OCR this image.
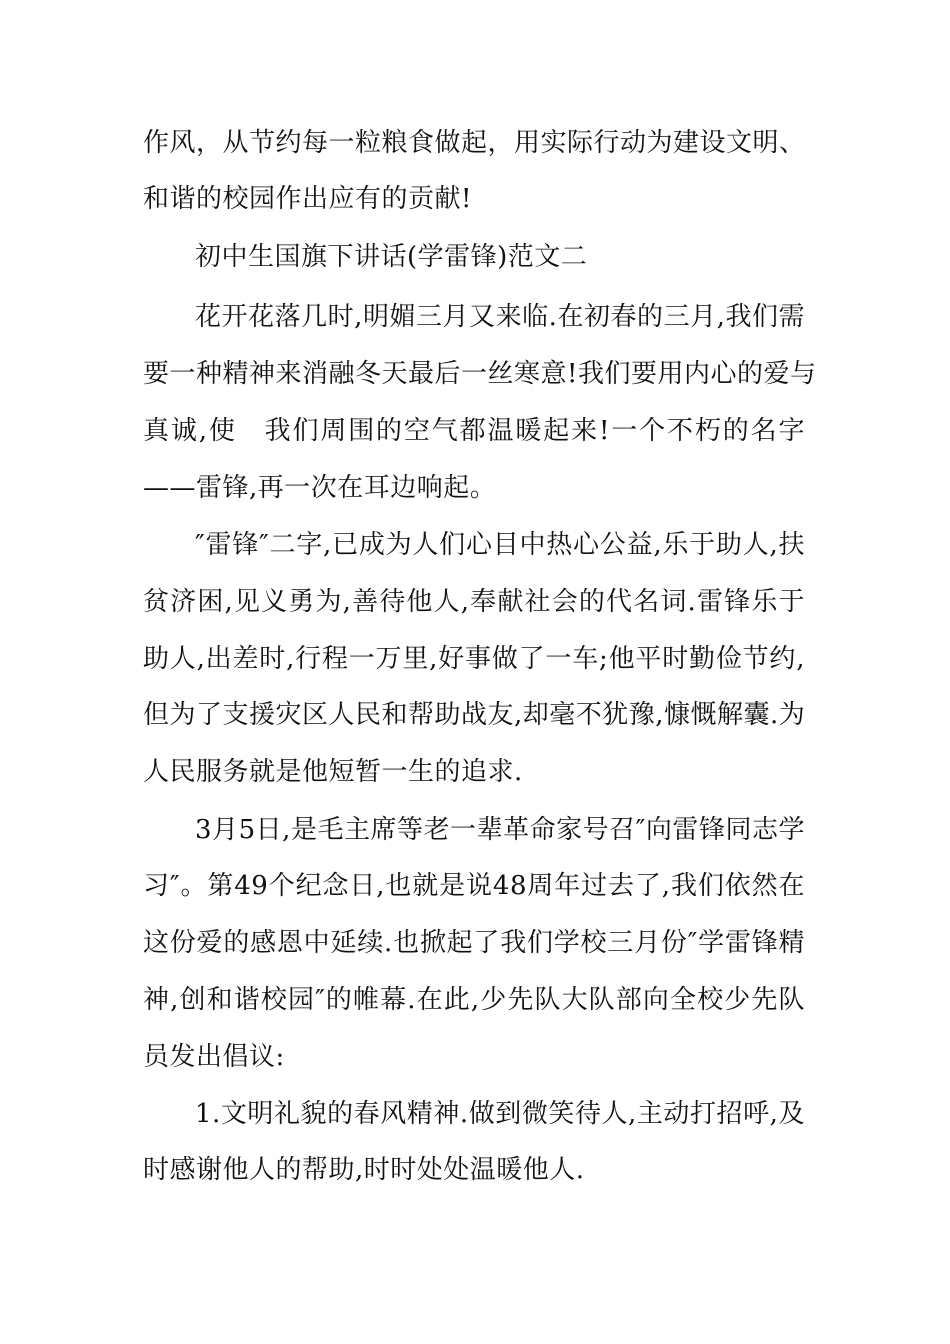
作风，从节约每一粒粮食做起，用实际行动为建设文明、
和谐的校园作出应有的贡献!
初中生国旗下讲话(学雷锋)范文二
花开花落几时,明媚三月又来临.在初春的三月,我们需
要一种精神来消融冬天最后一丝寒意!我们要用内心的爱与
真诚,使　我们周围的空气都温暖起来!一个不朽的名字
——雷锋,再一次在耳边响起。
″雷锋″二字,已成为人们心目中热心公益,乐于助人,扶
贫济困,见义勇为,善待他人,奉献社会的代名词.雷锋乐于
助人,出差时,行程一万里,好事做了一车;他平时勤俭节约,
但为了支援灾区人民和帮助战友,却毫不犹豫,慷慨解囊.为
人民服务就是他短暂一生的追求.
3月5日,是毛主席等老一辈革命家号召″向雷锋同志学
习″。第49个纪念日,也就是说48周年过去了,我们依然在
这份爱的感恩中延续.也掀起了我们学校三月份″学雷锋精
神,创和谐校园″的帷幕.在此,少先队大队部向全校少先队
员发出倡议:
1.文明礼貌的春风精神.做到微笑待人,主动打招呼,及
时感谢他人的帮助,时时处处温暖他人.
